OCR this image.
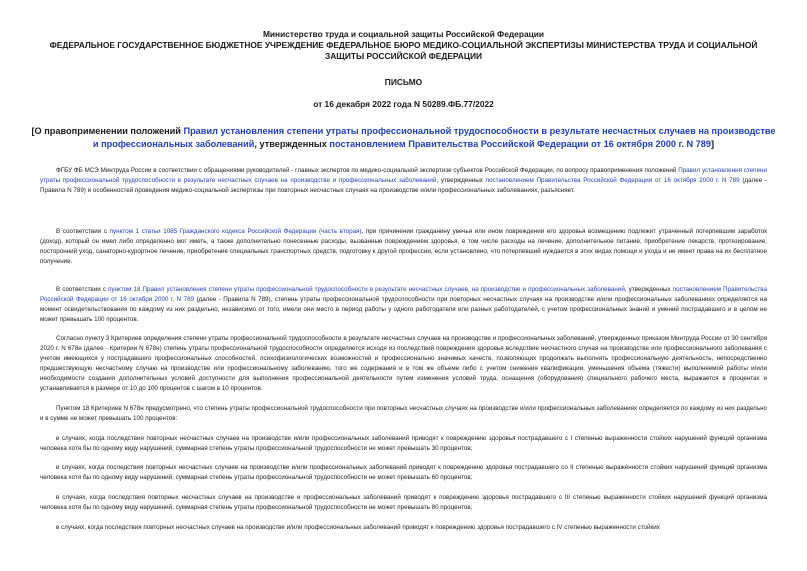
Министерство труда и социальной защиты Российской Федерации
ФЕДЕРАЛЬНОЕ ГОСУДАРСТВЕННОЕ БЮДЖЕТНОЕ УЧРЕЖДЕНИЕ ФЕДЕРАЛЬНОЕ БЮРО МЕДИКО-СОЦИАЛЬНОЙ ЭКСПЕРТИЗЫ МИНИСТЕРСТВА ТРУДА И СОЦИАЛЬНОЙ ЗАЩИТЫ РОССИЙСКОЙ ФЕДЕРАЦИИ
ПИСЬМО
от 16 декабря 2022 года N 50289.ФБ.77/2022
[О правоприменении положений Правил установления степени утраты профессиональной трудоспособности в результате несчастных случаев на производстве и профессиональных заболеваний, утвержденных постановлением Правительства Российской Федерации от 16 октября 2000 г. N 789]
ФГБУ ФБ МСЭ Минтруда России в соответствии с обращениями руководителей - главных экспертов по медико-социальной экспертизе субъектов Российской Федерации, по вопросу правоприменения положений Правил установления степени утраты профессиональной трудоспособности в результате несчастных случаев на производстве и профессиональных заболеваний, утвержденных постановлением Правительства Российской Федерации от 16 октября 2000 г. N 789 (далее - Правила N 789) и особенностей проведения медико-социальной экспертизы при повторных несчастных случаях на производстве и/или профессиональных заболеваниях, разъясняет.
В соответствии с пунктом 1 статьи 1085 Гражданского кодекса Российской Федерации (часть вторая), при причинении гражданину увечья или ином повреждении его здоровья возмещению подлежит утраченный потерпевшим заработок (доход), который он имел либо определенно мог иметь, а также дополнительно понесенные расходы, вызванные повреждением здоровья, в том числе расходы на лечение, дополнительное питание, приобретение лекарств, протезирование, посторонний уход, санаторно-курортное лечение, приобретение специальных транспортных средств, подготовку к другой профессии, если установлено, что потерпевший нуждается в этих видах помощи и ухода и не имеет права на их бесплатное получение.
В соответствии с пунктом 18 Правил установления степени утраты профессиональной трудоспособности в результате несчастных случаев, на производстве и профессиональных заболеваний, утвержденных постановлением Правительства Российской Федерации от 16 октября 2000 г. N 789 (далее - Правила N 789), степень утраты профессиональной трудоспособности при повторных несчастных случаях на производстве и/или профессиональных заболеваниях определяется на момент освидетельствования по каждому из них раздельно, независимо от того, имели они место в период работы у одного работодателя или разных работодателей, с учетом профессиональных знаний и умений пострадавшего и в целом не может превышать 100 процентов.
Согласно пункту 3 Критериев определения степени утраты профессиональной трудоспособности в результате несчастных случаев на производстве и профессиональных заболеваний, утвержденных приказом Минтруда России от 30 сентября 2020 г. N 678н (далее - Критерии N 678н) степень утраты профессиональной трудоспособности определяется исходя из последствий повреждения здоровья вследствие несчастного случая на производстве или профессионального заболевания с учетом имеющихся у пострадавшего профессиональных способностей, психофизиологических возможностей и профессионально значимых качеств, позволяющих продолжать выполнять профессиональную деятельность, непосредственно предшествующую несчастному случаю на производстве или профессиональному заболеванию, того же содержания и в том же объеме либо с учетом снижения квалификации, уменьшения объема (тяжести) выполняемой работы и/или необходимости создания дополнительных условий доступности для выполнения профессиональной деятельности путем изменения условий труда, оснащения (оборудования) специального рабочего места, выражается в процентах и устанавливается в размере от 10 до 100 процентов с шагом в 10 процентов.
Пунктом 18 Критериев N 678н предусмотрено, что степень утраты профессиональной трудоспособности при повторных несчастных случаях на производстве и/или профессиональных заболеваниях определяется по каждому из них раздельно и в сумме не может превышать 100 процентов:
в случаях, когда последствия повторных несчастных случаев на производстве и/или профессиональных заболеваний приводят к повреждению здоровья пострадавшего с I степенью выраженности стойких нарушений функций организма человека хотя бы по одному виду нарушений, суммарная степень утраты профессиональной трудоспособности не может превышать 30 процентов;
в случаях, когда последствия повторных несчастных случаев на производстве и/или профессиональных заболеваний приводят к повреждению здоровья пострадавшего со II степенью выраженности стойких нарушений функций организма человека хотя бы по одному виду нарушений, суммарная степень утраты профессиональной трудоспособности не может превышать 60 процентов;
в случаях, когда последствия повторных несчастных случаев на производстве и профессиональных заболеваний приводят к повреждению здоровья пострадавшего с III степенью выраженности стойких нарушений функций организма человека хотя бы по одному виду нарушений, суммарная степень утраты профессиональной трудоспособности не может превышать 80 процентов;
в случаях, когда последствия повторных несчастных случаев на производстве и/или профессиональных заболеваний приводят к повреждению здоровья пострадавшего с IV степенью выраженности стойких
